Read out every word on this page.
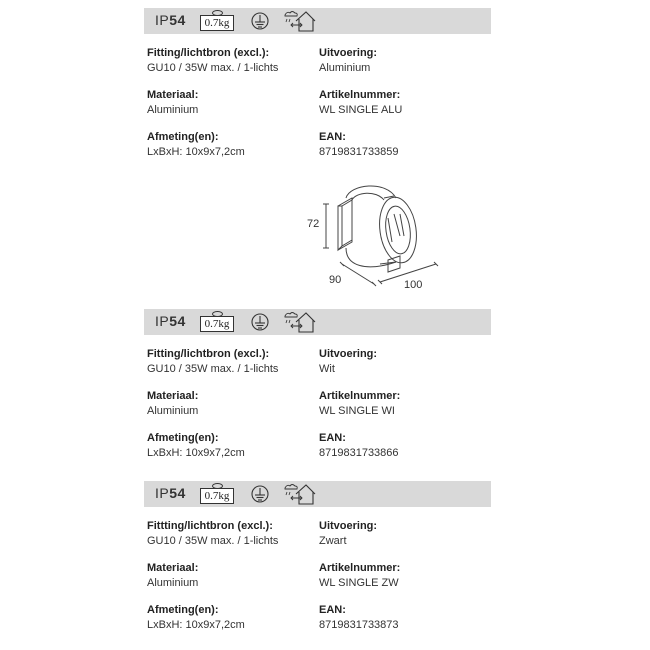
IP54	0.7kg
Fitting/lichtbron (excl.):
GU10 / 35W max. / 1-lichts
Uitvoering:
Aluminium
Materiaal:
Aluminium
Artikelnummer:
WL SINGLE ALU
Afmeting(en):
LxBxH: 10x9x7,2cm
EAN:
8719831733859
72
90	100
IP54	0.7kg
Fitting/lichtbron (excl.):
GU10 / 35W max. / 1-lichts
Uitvoering:
Wit
Materiaal:
Aluminium
Artikelnummer:
WL SINGLE WI
Afmeting(en):
LxBxH: 10x9x7,2cm
EAN:
8719831733866
IP54	0.7kg
Fittting/lichtbron (excl.):
GU10 / 35W max. / 1-lichts
Uitvoering:
Zwart
Materiaal:
Aluminium
Artikelnummer:
WL SINGLE ZW
Afmeting(en):
LxBxH: 10x9x7,2cm
EAN:
8719831733873
